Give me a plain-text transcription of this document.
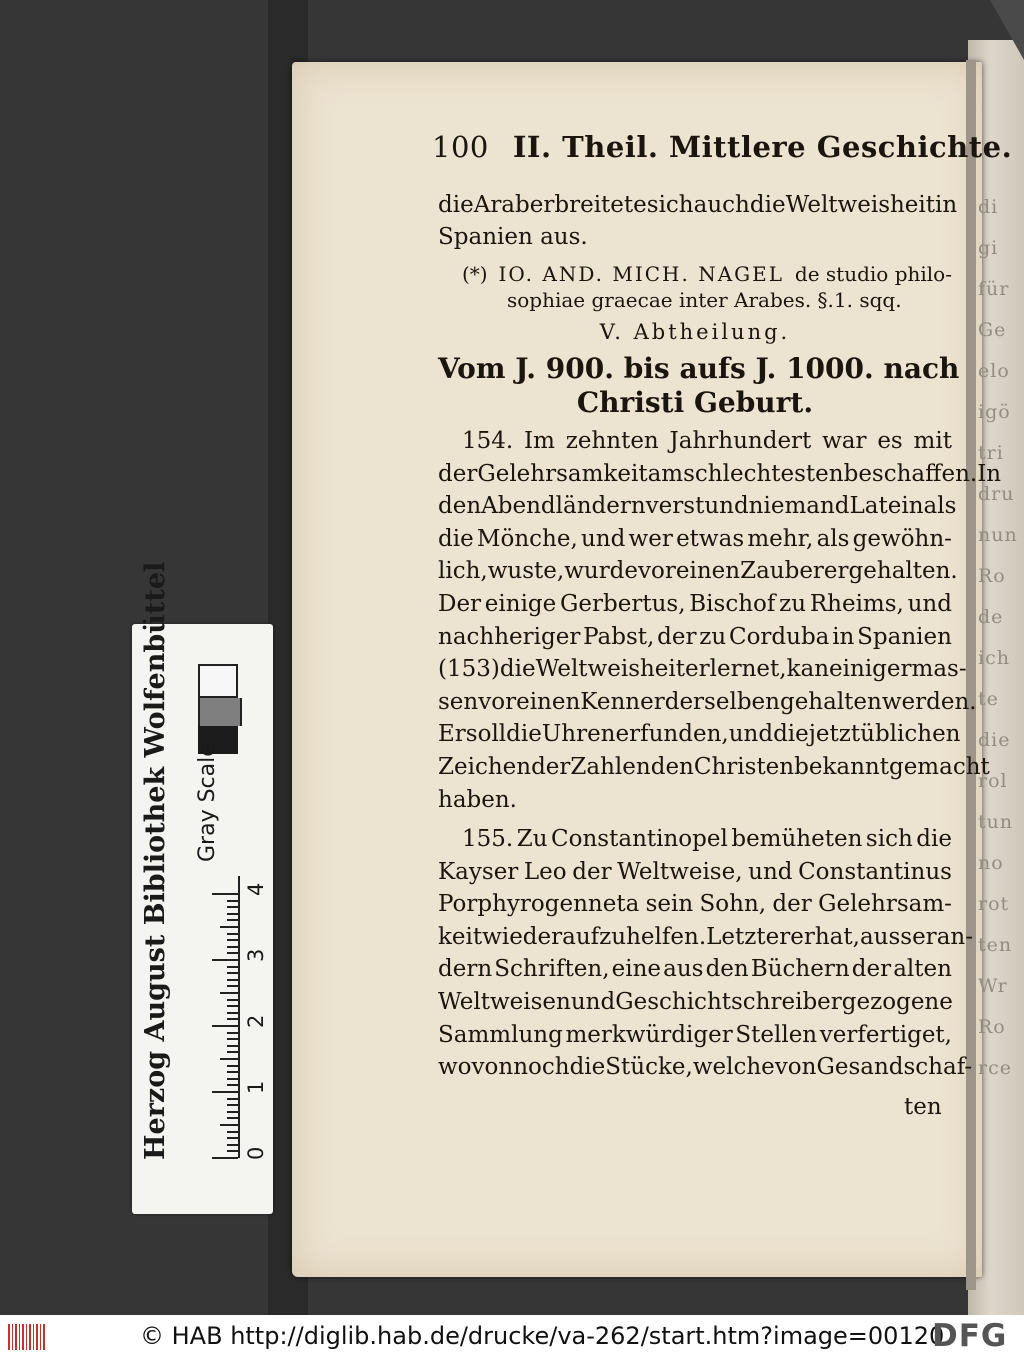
di
gi
für
Ge
elo
igö
tri
dru
nun
Ro
de
ich
te
die
rol
tun
no
rot
ten
Wr
Ro
rce
100 II. Theil. Mittlere Geschichte.
die Araber breitete sich auch die Weltweisheit in
Spanien aus.
(*) IO. AND. MICH. NAGEL de studio philo-
sophiae graecae inter Arabes. §.1. sqq.
V. Abtheilung.
Vom J. 900. bis aufs J. 1000. nach
Christi Geburt.
154. Im zehnten Jahrhundert war es mit
der Gelehrsamkeit am schlechtesten beschaffen. In
den Abendländern verstund niemand Latein als
die Mönche, und wer etwas mehr, als gewöhn-
lich, wuste, wurde vor einen Zauberer gehalten.
Der einige Gerbertus, Bischof zu Rheims, und
nachheriger Pabst, der zu Corduba in Spanien
(153) die Weltweisheit erlernet, kan einiger mas-
sen vor einen Kenner derselben gehalten werden.
Er soll die Uhren erfunden, und die jetzt üblichen
Zeichen der Zahlen den Christen bekannt gemacht
haben.
155. Zu Constantinopel bemüheten sich die
Kayser Leo der Weltweise, und Constantinus
Porphyrogenneta sein Sohn, der Gelehrsam-
keit wieder aufzuhelfen. Letzterer hat, ausser an-
dern Schriften, eine aus den Büchern der alten
Weltweisen und Geschichtschreiber gezogene
Sammlung merkwürdiger Stellen verfertiget,
wovon noch die Stücke, welche von Gesandschaf-
ten
Herzog August Bibliothek Wolfenbüttel Gray Scale
0
1
2
3
4
© HAB http://diglib.hab.de/drucke/va-262/start.htm?image=00120
DFG
